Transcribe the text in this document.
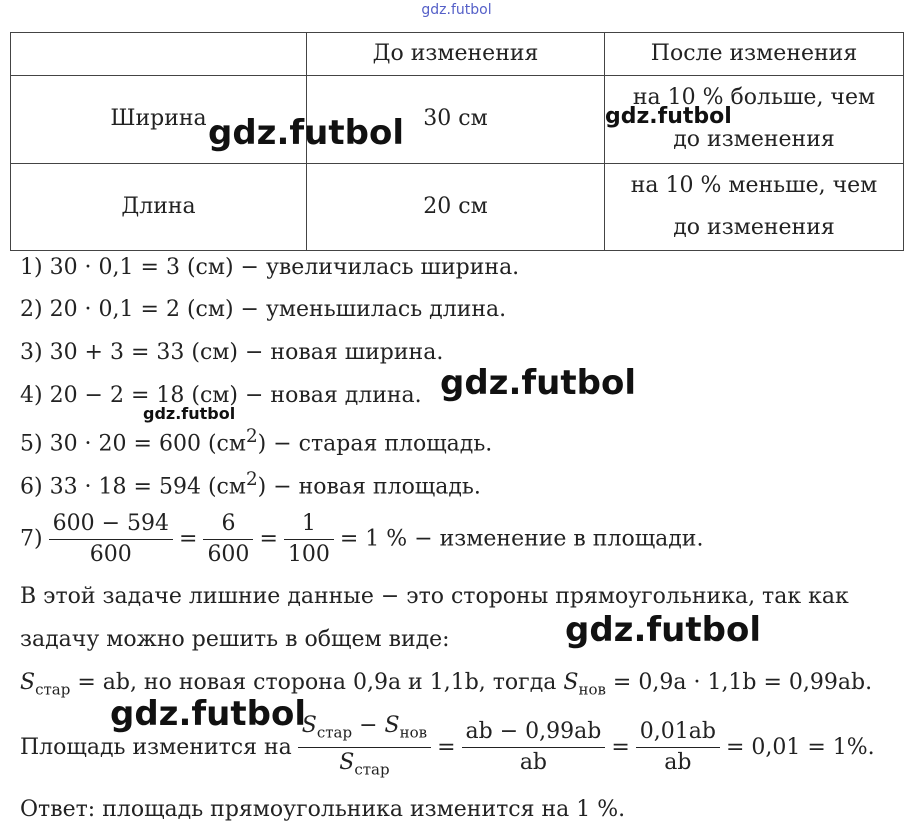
gdz.futbol
	До изменения	После изменения
Ширина	30 см	на 10 % больше, чем
до изменения
Длина	20 см	на 10 % меньше, чем
до изменения
1) 30 · 0,1 = 3 (см) − увеличилась ширина.
2) 20 · 0,1 = 2 (см) − уменьшилась длина.
3) 30 + 3 = 33 (см) − новая ширина.
4) 20 − 2 = 18 (см) − новая длина.
5) 30 · 20 = 600 $(см^2)$ − старая площадь.
6) 33 · 18 = 594 $(см^2)$ − новая площадь.
$7) \frac{600 - 594}{600} = \frac{6}{600} = \frac{1}{100} = 1$ % − изменение в площади.
В этой задаче лишние данные − это стороны прямоугольника, так как
задачу можно решить в общем виде:
$S_{стар}$ = ab, но новая сторона 0,9a и 1,1b, тогда $S_{нов} = 0,9a \cdot 1,1b = 0,99ab$.
Площадь изменится на $\frac{S_{стар} - S_{нов}}{S_{стар}} = \frac{ab - 0,99ab}{ab} = \frac{0,01ab}{ab} = 0,01 = 1\%$.
Ответ: площадь прямоугольника изменится на 1 %.
gdz.futbol	gdz.futbol
gdz.futbol
gdz.futbol
gdz.futbol
gdz.futbol
